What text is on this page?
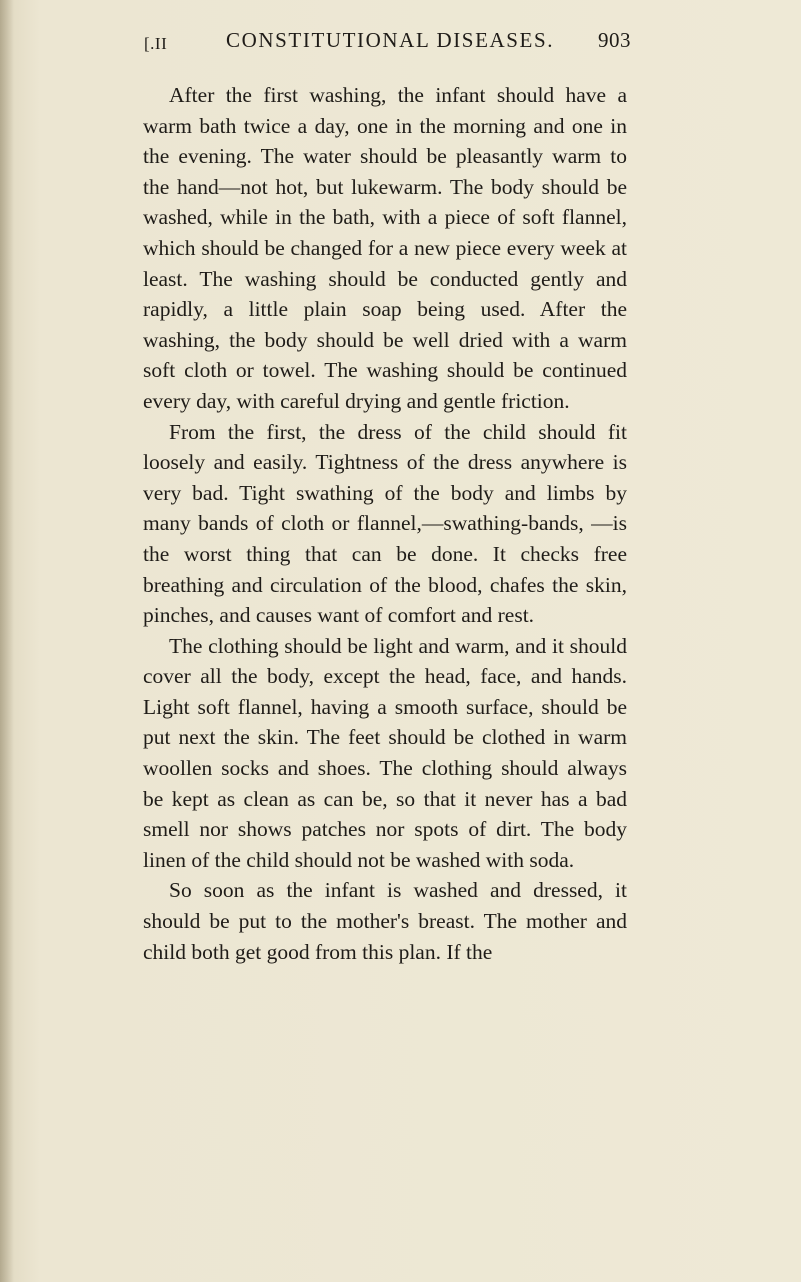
[.II	CONSTITUTIONAL DISEASES. 903

After the first washing, the infant should have a warm bath twice a day, one in the morning and one in the evening. The water should be pleasantly warm to the hand—not hot, but lukewarm. The body should be washed, while in the bath, with a piece of soft flannel, which should be changed for a new piece every week at least. The washing should be conducted gently and rapidly, a little plain soap being used. After the washing, the body should be well dried with a warm soft cloth or towel. The washing should be continued every day, with careful drying and gentle friction.

From the first, the dress of the child should fit loosely and easily. Tightness of the dress anywhere is very bad. Tight swathing of the body and limbs by many bands of cloth or flannel,—swathing-bands, —is the worst thing that can be done. It checks free breathing and circulation of the blood, chafes the skin, pinches, and causes want of comfort and rest.

The clothing should be light and warm, and it should cover all the body, except the head, face, and hands. Light soft flannel, having a smooth surface, should be put next the skin. The feet should be clothed in warm woollen socks and shoes. The clothing should always be kept as clean as can be, so that it never has a bad smell nor shows patches nor spots of dirt. The body linen of the child should not be washed with soda.

So soon as the infant is washed and dressed, it should be put to the mother's breast. The mother and child both get good from this plan. If the
